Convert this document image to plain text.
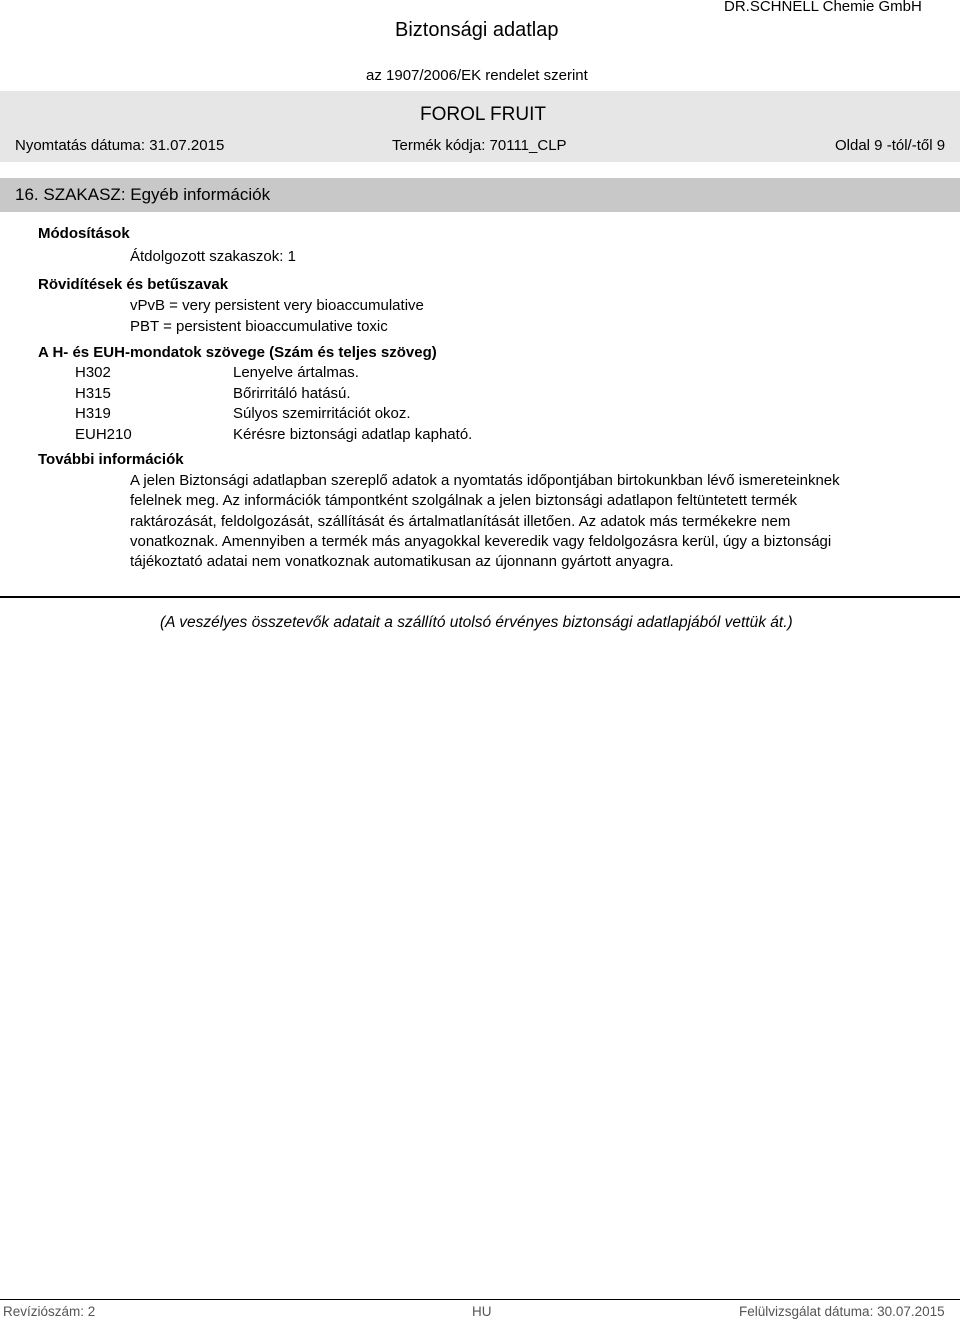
Biztonsági adatlap
DR.SCHNELL Chemie GmbH
az 1907/2006/EK rendelet szerint
FOROL FRUIT
Nyomtatás dátuma: 31.07.2015	Termék kódja: 70111_CLP	Oldal 9 -tól/-től 9
16. SZAKASZ: Egyéb információk
Módosítások
Átdolgozott szakaszok: 1
Rövidítések és betűszavak
vPvB = very persistent very bioaccumulative
PBT = persistent bioaccumulative toxic
A H- és EUH-mondatok szövege (Szám és teljes szöveg)
H302	Lenyelve ártalmas.
H315	Bőrirritáló hatású.
H319	Súlyos szemirritációt okoz.
EUH210	Kérésre biztonsági adatlap kapható.
További információk
A jelen Biztonsági adatlapban szereplő adatok a nyomtatás időpontjában birtokunkban lévő ismereteinknek felelnek meg. Az információk támpontként szolgálnak a jelen biztonsági adatlapon feltüntetett termék raktározását, feldolgozását, szállítását és ártalmatlanítását illetően. Az adatok más termékekre nem vonatkoznak. Amennyiben a termék más anyagokkal keveredik vagy feldolgozásra kerül, úgy a biztonsági tájékoztató adatai nem vonatkoznak automatikusan az újonnann gyártott anyagra.
(A veszélyes összetevők adatait a szállító utolsó érvényes biztonsági adatlapjából vettük át.)
Revíziószám: 2	HU	Felülvizsgálat dátuma: 30.07.2015
